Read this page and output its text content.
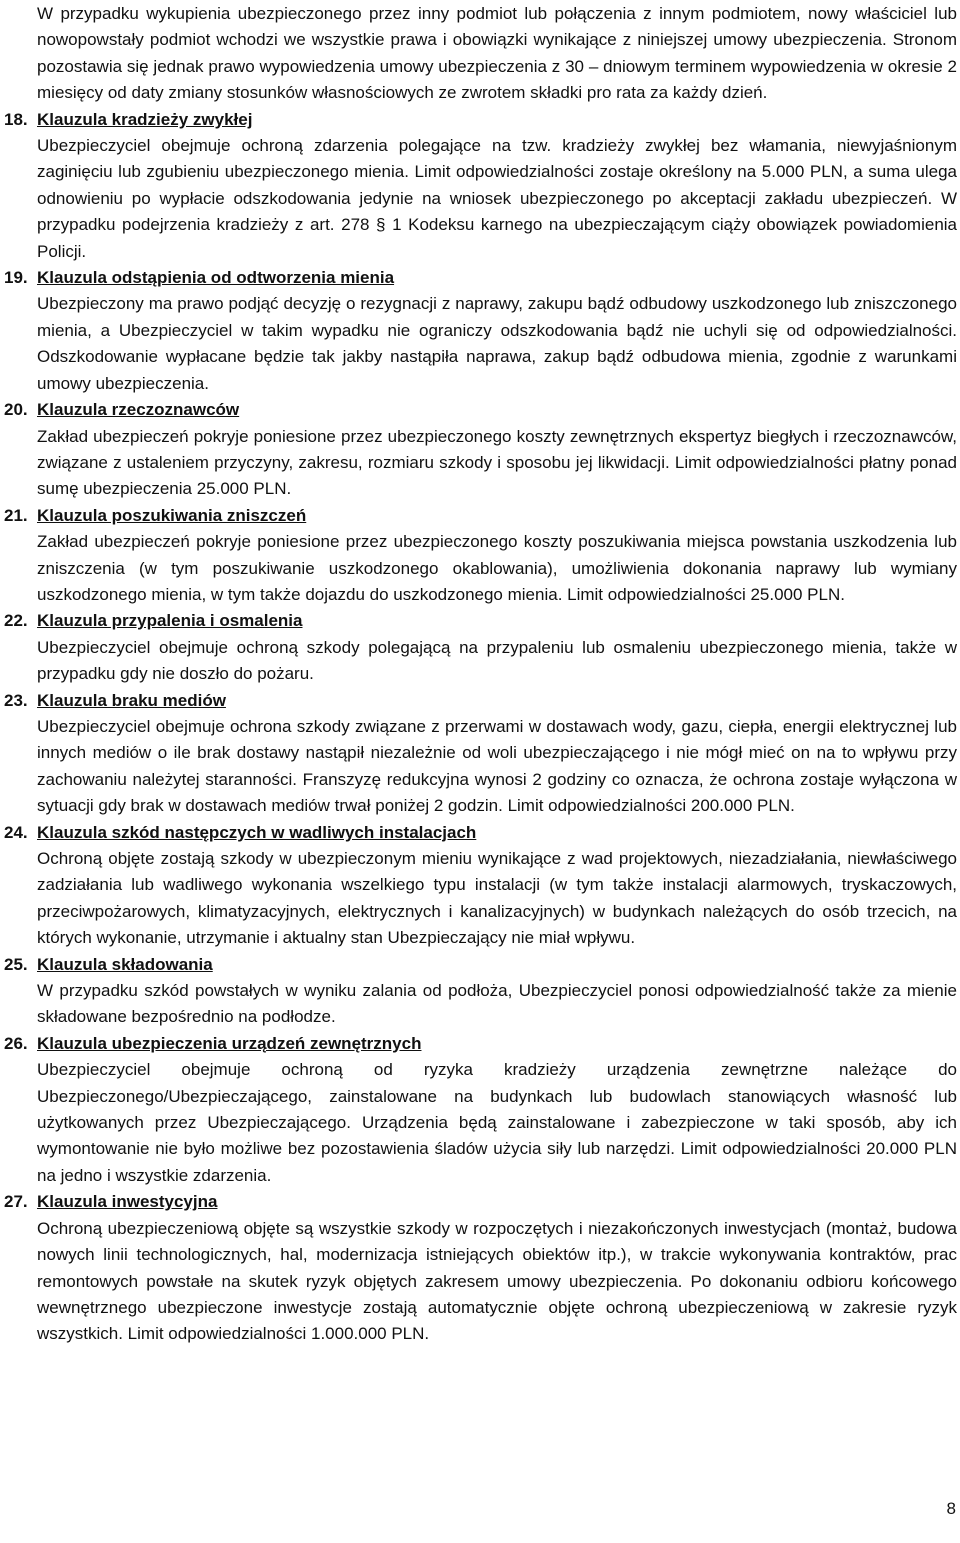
W przypadku wykupienia ubezpieczonego przez inny podmiot lub połączenia z innym podmiotem, nowy właściciel lub nowopowstały podmiot wchodzi we wszystkie prawa i obowiązki wynikające z niniejszej umowy ubezpieczenia. Stronom pozostawia się jednak prawo wypowiedzenia umowy ubezpieczenia z 30 – dniowym terminem wypowiedzenia w okresie 2 miesięcy od daty zmiany stosunków własnościowych ze zwrotem składki pro rata za każdy dzień.

18. Klauzula kradzieży zwykłej

Ubezpieczyciel obejmuje ochroną zdarzenia polegające na tzw. kradzieży zwykłej bez włamania, niewyjaśnionym zaginięciu lub zgubieniu ubezpieczonego mienia. Limit odpowiedzialności zostaje określony na 5.000 PLN, a suma ulega odnowieniu po wypłacie odszkodowania jedynie na wniosek ubezpieczonego po akceptacji zakładu ubezpieczeń. W przypadku podejrzenia kradzieży z art. 278 § 1 Kodeksu karnego na ubezpieczającym ciąży obowiązek powiadomienia Policji.

19. Klauzula odstąpienia od odtworzenia mienia

Ubezpieczony ma prawo podjąć decyzję o rezygnacji z naprawy, zakupu bądź odbudowy uszkodzonego lub zniszczonego mienia, a Ubezpieczyciel w takim wypadku nie ograniczy odszkodowania bądź nie uchyli się od odpowiedzialności. Odszkodowanie wypłacane będzie tak jakby nastąpiła naprawa, zakup bądź odbudowa mienia, zgodnie z warunkami umowy ubezpieczenia.

20. Klauzula rzeczoznawców

Zakład ubezpieczeń pokryje poniesione przez ubezpieczonego koszty zewnętrznych ekspertyz biegłych i rzeczoznawców, związane z ustaleniem przyczyny, zakresu, rozmiaru szkody i sposobu jej likwidacji. Limit odpowiedzialności płatny ponad sumę ubezpieczenia 25.000 PLN.

21. Klauzula poszukiwania zniszczeń

Zakład ubezpieczeń pokryje poniesione przez ubezpieczonego koszty poszukiwania miejsca powstania uszkodzenia lub zniszczenia (w tym poszukiwanie uszkodzonego okablowania), umożliwienia dokonania naprawy lub wymiany uszkodzonego mienia, w tym także dojazdu do uszkodzonego mienia. Limit odpowiedzialności 25.000 PLN.

22. Klauzula przypalenia i osmalenia

Ubezpieczyciel obejmuje ochroną szkody polegającą na przypaleniu lub osmaleniu ubezpieczonego mienia, także w przypadku gdy nie doszło do pożaru.

23. Klauzula braku mediów

Ubezpieczyciel obejmuje ochrona szkody związane z przerwami w dostawach wody, gazu, ciepła, energii elektrycznej lub innych mediów o ile brak dostawy nastąpił niezależnie od woli ubezpieczającego i nie mógł mieć on na to wpływu przy zachowaniu należytej staranności. Franszyzę redukcyjna wynosi 2 godziny co oznacza, że ochrona zostaje wyłączona w sytuacji gdy brak w dostawach mediów trwał poniżej 2 godzin. Limit odpowiedzialności 200.000 PLN.

24. Klauzula szkód następczych w wadliwych instalacjach

Ochroną objęte zostają szkody w ubezpieczonym mieniu wynikające z wad projektowych, niezadziałania, niewłaściwego zadziałania lub wadliwego wykonania wszelkiego typu instalacji (w tym także instalacji alarmowych, tryskaczowych, przeciwpożarowych, klimatyzacyjnych, elektrycznych i kanalizacyjnych) w budynkach należących do osób trzecich, na których wykonanie, utrzymanie i aktualny stan Ubezpieczający nie miał wpływu.

25. Klauzula składowania

W przypadku szkód powstałych w wyniku zalania od podłoża, Ubezpieczyciel ponosi odpowiedzialność także za mienie składowane bezpośrednio na podłodze.

26. Klauzula ubezpieczenia urządzeń zewnętrznych

Ubezpieczyciel obejmuje ochroną od ryzyka kradzieży urządzenia zewnętrzne należące do Ubezpieczonego/Ubezpieczającego, zainstalowane na budynkach lub budowlach stanowiących własność lub użytkowanych przez Ubezpieczającego. Urządzenia będą zainstalowane i zabezpieczone w taki sposób, aby ich wymontowanie nie było możliwe bez pozostawienia śladów użycia siły lub narzędzi. Limit odpowiedzialności 20.000 PLN na jedno i wszystkie zdarzenia.

27. Klauzula inwestycyjna

Ochroną ubezpieczeniową objęte są wszystkie szkody w rozpoczętych i niezakończonych inwestycjach (montaż, budowa nowych linii technologicznych, hal, modernizacja istniejących obiektów itp.), w trakcie wykonywania kontraktów, prac remontowych powstałe na skutek ryzyk objętych zakresem umowy ubezpieczenia. Po dokonaniu odbioru końcowego wewnętrznego ubezpieczone inwestycje zostają automatycznie objęte ochroną ubezpieczeniową w zakresie ryzyk wszystkich. Limit odpowiedzialności 1.000.000 PLN.

8
